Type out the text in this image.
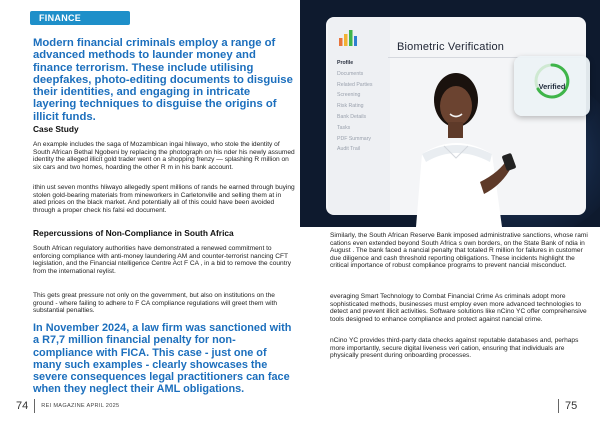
FINANCE
Modern financial criminals employ a range of advanced methods to launder money and finance terrorism. These include utilising deepfakes, photo-editing documents to disguise their identities, and engaging in intricate layering techniques to disguise the origins of illicit funds.
Case Study
An example includes the saga of Mozambican ingai hliwayo, who stole the identity of South African Bethal Ngobeni by replacing the photograph on his nder his newly assumed identity the alleged illicit gold trader went on a shopping frenzy — splashing R million on six cars and two homes, hoarding the other R m in his bank account.
ithin ust seven months hliwayo allegedly spent millions of rands he earned through buying stolen gold-bearing materials from mineworkers in Carletonville and selling them at in ated prices on the black market. And potentially all of this could have been avoided through a proper check his falsi ed document.
Repercussions of Non-Compliance in South Africa
South African regulatory authorities have demonstrated a renewed commitment to enforcing compliance with anti-money laundering AM and counter-terrorist nancing CFT legislation, and the Financial ntelligence Centre Act F CA , in a bid to remove the country from the international reylist.
This gets great pressure not only on the government, but also on institutions on the ground - where failing to adhere to F CA compliance regulations will greet them with substantial penalties.
In November 2024, a law firm was sanctioned with a R7,7 million financial penalty for non-compliance with FICA. This case - just one of many such examples - clearly showcases the severe consequences legal practitioners can face when they neglect their AML obligations.
74 REI MAGAZINE APRIL 2025
Biometric Verification
Profile
Documents
Related Parties
Screening
Risk Rating
Bank Details
Tasks
PDF Summary
Audit Trail
Verified
Similarly, the South African Reserve Bank imposed administrative sanctions, whose rami cations even extended beyond South Africa s own borders, on the State Bank of ndia in August . The bank faced a nancial penalty that totaled R million for failures in customer due diligence and cash threshold reporting obligations. These incidents highlight the critical importance of robust compliance programs to prevent nancial misconduct.
everaging Smart Technology to Combat Financial Crime As criminals adopt more sophisticated methods, businesses must employ even more advanced technologies to detect and prevent illicit activities. Software solutions like nCino YC offer comprehensive tools designed to enhance compliance and protect against nancial crime.
nCino YC provides third-party data checks against reputable databases and, perhaps more importantly, secure digital liveness veri cation, ensuring that individuals are physically present during onboarding processes.
75
